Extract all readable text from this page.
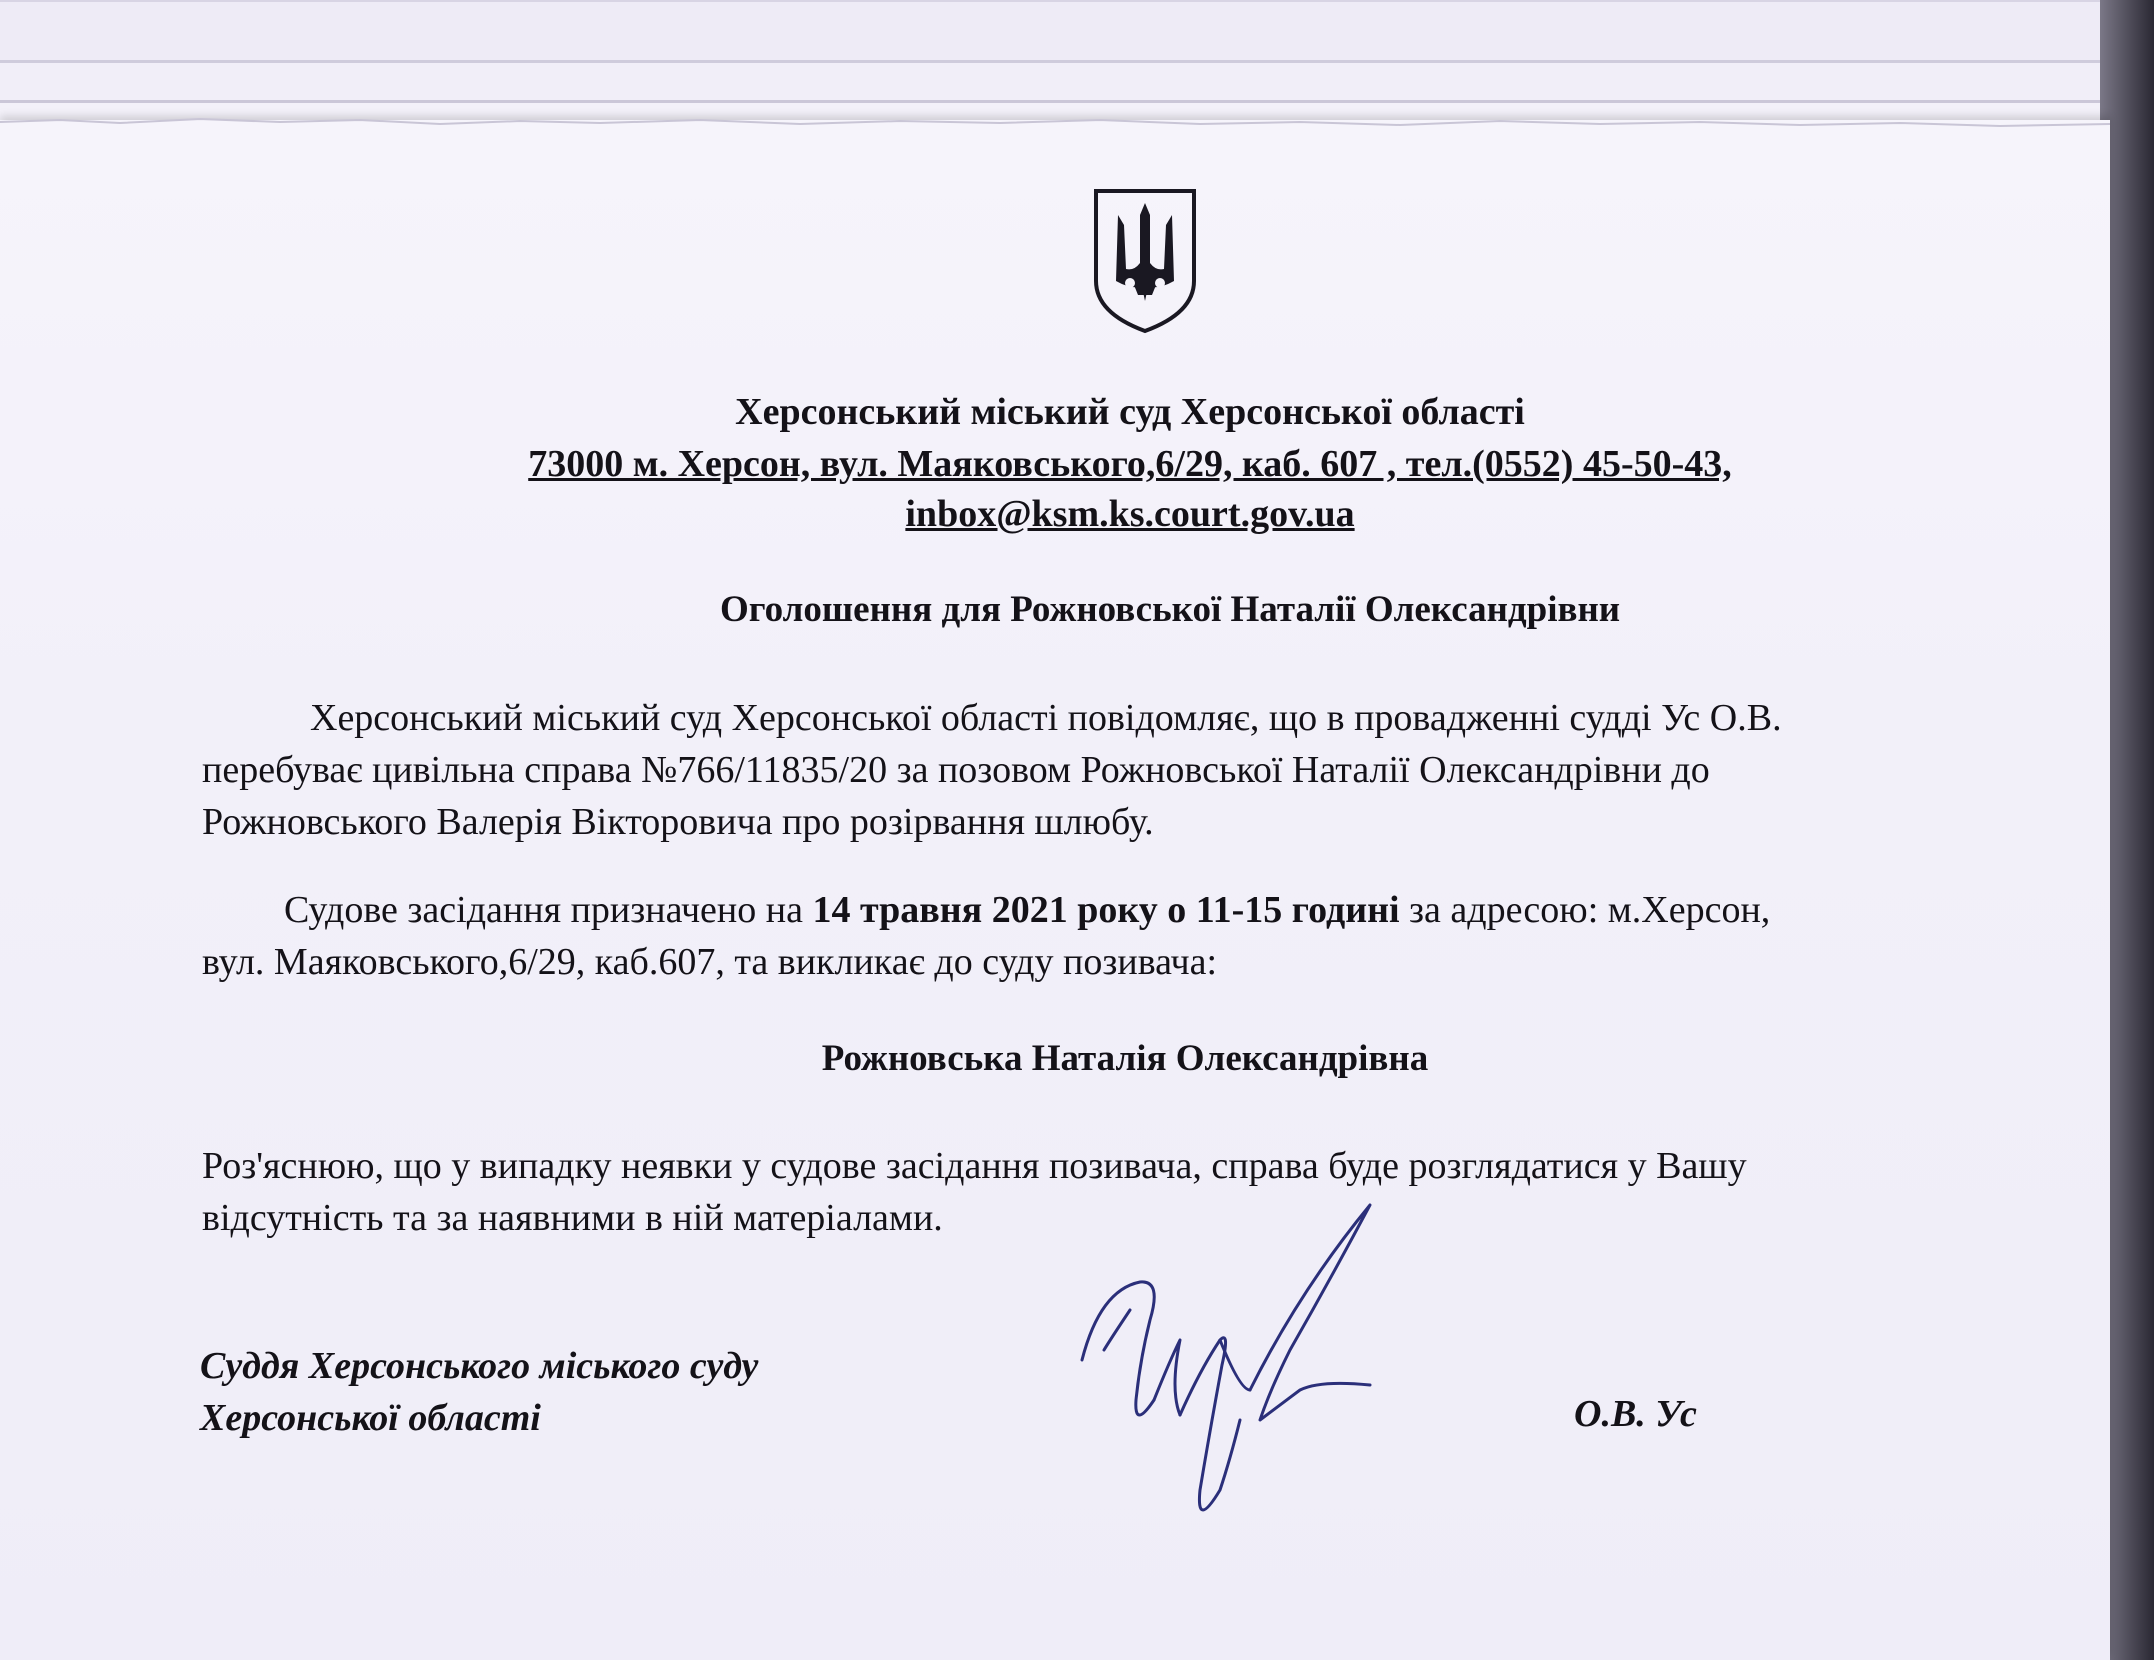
Херсонський міський суд Херсонської області
73000 м. Херсон, вул. Маяковського,6/29, каб. 607 , тел.(0552) 45-50-43,
inbox@ksm.ks.court.gov.ua
Оголошення для Рожновської Наталії Олександрівни

Херсонський міський суд Херсонської області повідомляє, що в провадженні судді Ус О.В.
перебуває цивільна справа №766/11835/20 за позовом Рожновської Наталії Олександрівни до
Рожновського Валерія Вікторовича про розірвання шлюбу.

Судове засідання призначено на 14 травня 2021 року о 11-15 годині за адресою: м.Херсон,
вул. Маяковського,6/29, каб.607, та викликає до суду позивача:

Рожновська Наталія Олександрівна

Роз'яснюю, що у випадку неявки у судове засідання позивача, справа буде розглядатися у Вашу
відсутність та за наявними в ній матеріалами.

Суддя Херсонського міського суду
Херсонської області	О.В. Ус
